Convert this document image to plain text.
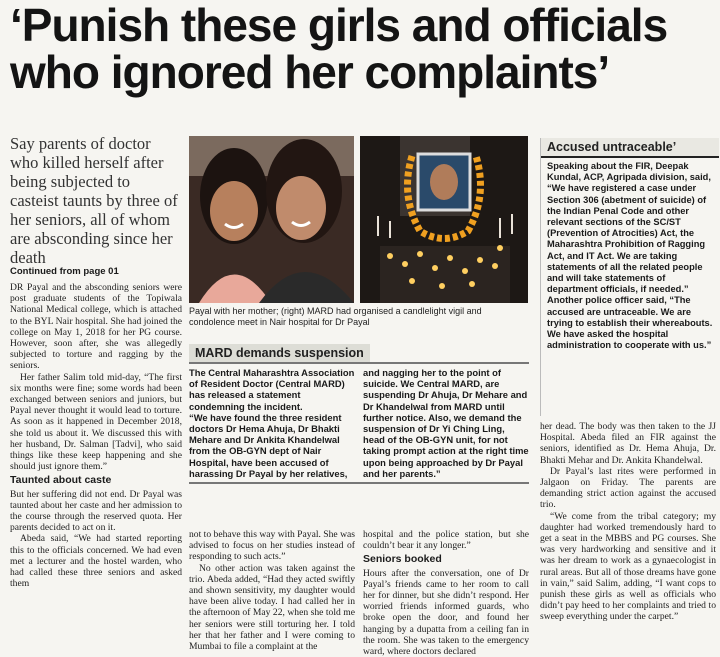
‘Punish these girls and officials
who ignored her complaints’
Say parents of doctor who killed herself after being subjected to casteist taunts by three of her seniors, all of whom are absconding since her death
Continued from page 01

DR Payal and the absconding seniors were post graduate students of the Topiwala National Medical college, which is attached to the BYL Nair hospital. She had joined the college on May 1, 2018 for her PG course. However, soon after, she was allegedly subjected to torture and ragging by the seniors.

Her father Salim told mid-day, “The first six months were fine; some words had been exchanged between seniors and juniors, but Payal never thought it would lead to torture. As soon as it happened in December 2018, she told us about it. We discussed this with her husband, Dr. Salman [Tadvi], who said things like these keep happening and she should just ignore them.”

Taunted about caste

But her suffering did not end. Dr Payal was taunted about her caste and her admission to the course through the reserved quota. Her parents decided to act on it.

Abeda said, “We had started reporting this to the officials concerned. We had even met a lecturer and the hostel warden, who had called these three seniors and asked them

Payal with her mother; (right) MARD had organised a candlelight vigil and condolence meet in Nair hospital for Dr Payal
MARD demands suspension
The Central Maharashtra Association of Resident Doctor (Central MARD) has released a statement condemning the incident.
“We have found the three resident doctors Dr Hema Ahuja, Dr Bhakti Mehare and Dr Ankita Khandelwal from the OB-GYN dept of Nair Hospital, have been accused of harassing Dr Payal by her relatives,
and nagging her to the point of suicide. We Central MARD, are suspending Dr Ahuja, Dr Mehare and Dr Khandelwal from MARD until further notice. Also, we demand the suspension of Dr Yi Ching Ling, head of the OB-GYN unit, for not taking prompt action at the right time upon being approached by Dr Payal and her parents.”

not to behave this way with Payal. She was advised to focus on her studies instead of responding to such acts.”

No other action was taken against the trio. Abeda added, “Had they acted swiftly and shown sensitivity, my daughter would have been alive today. I had called her in the afternoon of May 22, when she told me her seniors were still torturing her. I told her that her father and I were coming to Mumbai to file a complaint at the

hospital and the police station, but she couldn’t bear it any longer.”

Seniors booked

Hours after the conversation, one of Dr Payal’s friends came to her room to call her for dinner, but she didn’t respond. Her worried friends informed guards, who broke open the door, and found her hanging by a dupatta from a ceiling fan in the room. She was taken to the emergency ward, where doctors declared

Accused untraceable’
Speaking about the FIR, Deepak Kundal, ACP, Agripada division, said, “We have registered a case under Section 306 (abetment of suicide) of the Indian Penal Code and other relevant sections of the SC/ST (Prevention of Atrocities) Act, the Maharashtra Prohibition of Ragging Act, and IT Act. We are taking statements of all the related people and will take statements of department officials, if needed.” Another police officer said, “The accused are untraceable. We are trying to establish their whereabouts. We have asked the hospital administration to cooperate with us.”

her dead. The body was then taken to the JJ Hospital. Abeda filed an FIR against the seniors, identified as Dr. Hema Ahuja, Dr. Bhakti Mehar and Dr. Ankita Khandelwal.

Dr Payal’s last rites were performed in Jalgaon on Friday. The parents are demanding strict action against the accused trio.

“We come from the tribal category; my daughter had worked tremendously hard to get a seat in the MBBS and PG courses. She was very hardworking and sensitive and it was her dream to work as a gynaecologist in rural areas. But all of those dreams have gone in vain,” said Salim, adding, “I want cops to punish these girls as well as officials who didn’t pay heed to her complaints and tried to sweep everything under the carpet.”
